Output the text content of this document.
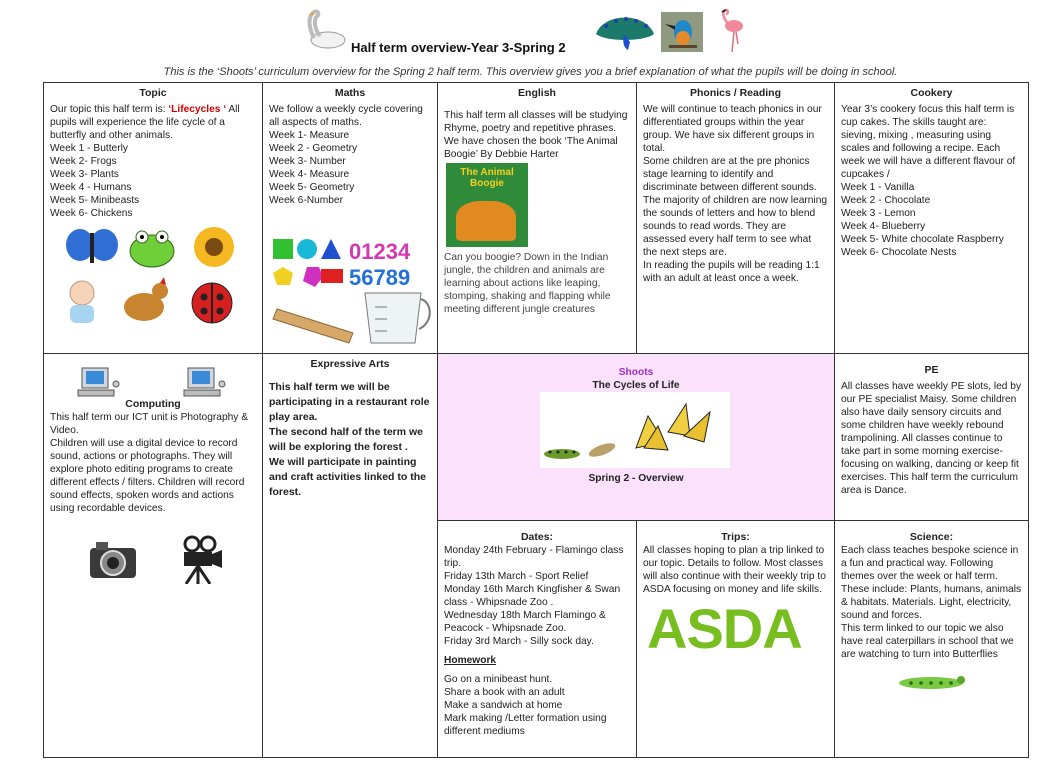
Half term overview-Year 3-Spring 2
This is the ‘Shoots’ curriculum overview for the Spring 2 half term. This overview gives you a brief explanation of what the pupils will be doing in school.
Topic
Our topic this half term is: ‘Lifecycles ‘ All pupils will experience the life cycle of a butterfly and other animals.
Week 1 - Butterly
Week 2- Frogs
Week 3- Plants
Week 4 - Humans
Week 5- Minibeasts
Week 6- Chickens
Maths
We follow a weekly cycle covering all aspects of maths.
Week 1- Measure
Week 2 - Geometry
Week 3- Number
Week 4- Measure
Week 5- Geometry
Week 6-Number
01234
56789
English
This half term all classes will be studying Rhyme, poetry and repetitive phrases. We have chosen the book ‘The Animal Boogie’ By Debbie Harter
The Animal Boogie
Can you boogie? Down in the Indian jungle, the children and animals are learning about actions like leaping, stomping, shaking and flapping while meeting different jungle creatures
Phonics / Reading
We will continue to teach phonics in our differentiated groups within the year group. We have six different groups in total.
Some children are at the pre phonics stage learning to identify and discriminate between different sounds. The majority of children are now learning the sounds of letters and how to blend sounds to read words. They are assessed every half term to see what the next steps are.
In reading the pupils will be reading 1:1 with an adult at least once a week.
Cookery
Year 3’s cookery focus this half term is cup cakes. The skills taught are: sieving, mixing , measuring using scales and following a recipe. Each week we will have a different flavour of cupcakes /
Week 1 - Vanilla
Week 2 - Chocolate
Week 3 - Lemon
Week 4- Blueberry
Week 5- White chocolate Raspberry
Week 6- Chocolate Nests
Computing
This half term our ICT unit is Photography & Video.
Children will use a digital device to record sound, actions or photographs. They will explore photo editing programs to create different effects / filters. Children will record sound effects, spoken words and actions using recordable devices.
Expressive Arts
This half term we will be participating in a restaurant role play area.
The second half of the term we will be exploring the forest .
We will participate in painting and craft activities linked to the forest.
Shoots
The Cycles of Life
Spring 2 - Overview
PE
All classes have weekly PE slots, led by our PE specialist Maisy. Some children also have daily sensory circuits and some children have weekly rebound trampolining. All classes continue to take part in some morning exercise- focusing on walking, dancing or keep fit exercises. This half term the curriculum area is Dance.
Dates:
Monday 24th February - Flamingo class trip.
Friday 13th March - Sport Relief
Monday 16th March Kingfisher & Swan class - Whipsnade Zoo .
Wednesday 18th March Flamingo & Peacock - Whipsnade Zoo.
Friday 3rd March - Silly sock day.
Homework
Go on a minibeast hunt.
Share a book with an adult
Make a sandwich at home
Mark making /Letter formation using different mediums
Trips:
All classes hoping to plan a trip linked to our topic. Details to follow. Most classes will also continue with their weekly trip to ASDA focusing on money and life skills.
ASDA
Science:
Each class teaches bespoke science in a fun and practical way. Following themes over the week or half term. These include: Plants, humans, animals & habitats. Materials. Light, electricity, sound and forces.
This term linked to our topic we also have real caterpillars in school that we are watching to turn into Butterflies
